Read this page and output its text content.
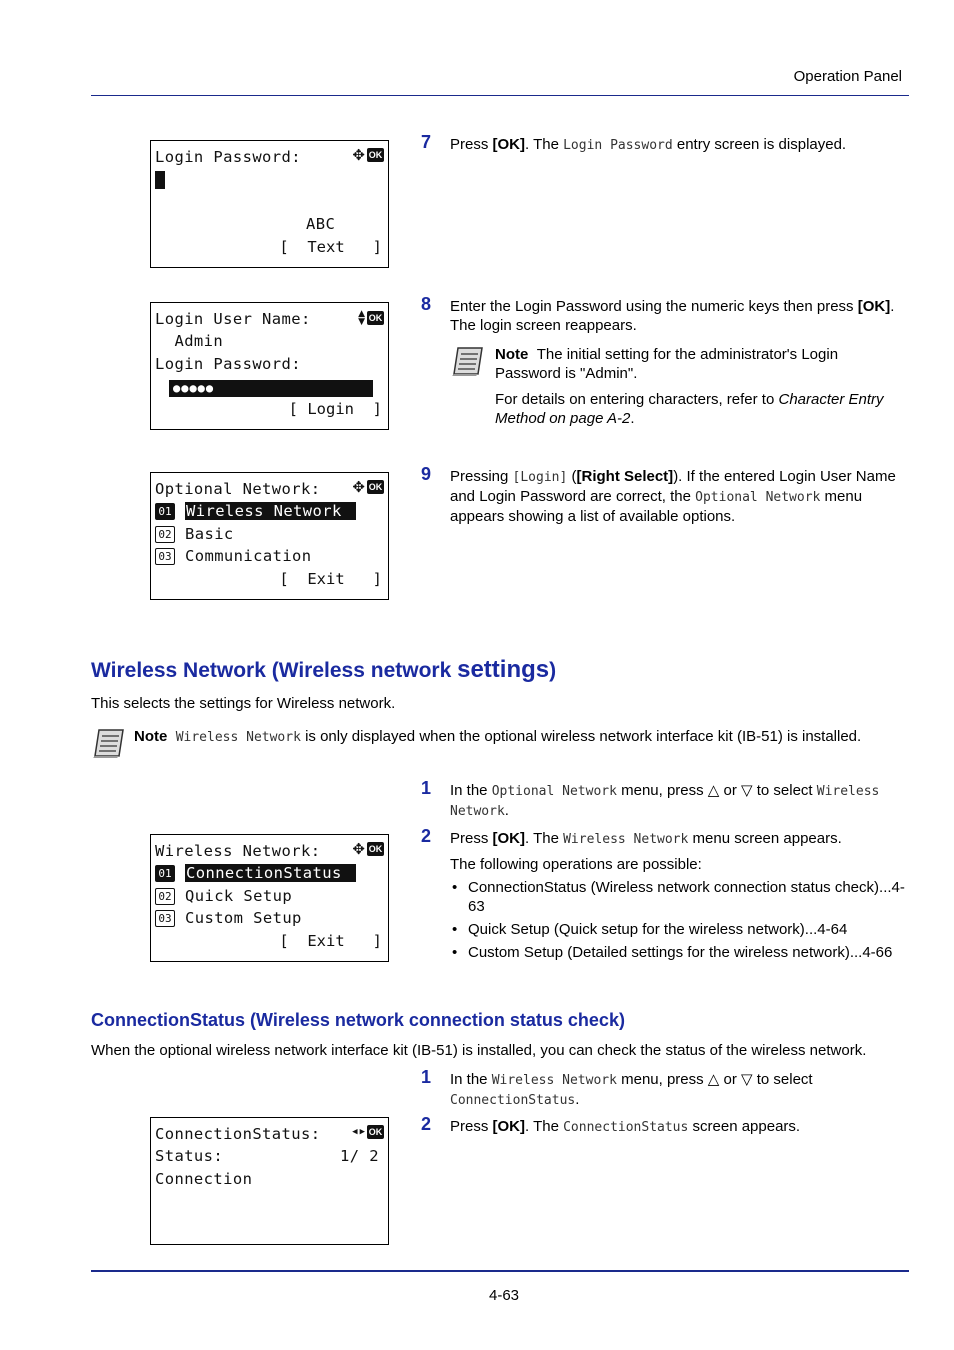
Operation Panel
Login Password:	✥ OK
ABC
[  Text   ]
Login User Name:	▲
▼ OK
Admin
Login Password:
●●●●●
[ Login  ]
Optional Network: ✥ OK
01 Wireless Network
02 Basic
03 Communication
[  Exit   ]
7 Press [OK]. The Login Password entry screen is displayed.
8 Enter the Login Password using the numeric keys then press [OK]. The login screen reappears.
Note The initial setting for the administrator's Login Password is "Admin".
For details on entering characters, refer to Character Entry Method on page A-2.
9 Pressing [Login] ([Right Select]). If the entered Login User Name and Login Password are correct, the Optional Network menu appears showing a list of available options.
Wireless Network (Wireless network settings)
This selects the settings for Wireless network.
Note Wireless Network is only displayed when the optional wireless network interface kit (IB-51) is installed.
1 In the Optional Network menu, press △ or ▽ to select Wireless Network.
2 Press [OK]. The Wireless Network menu screen appears.
The following operations are possible:
• ConnectionStatus (Wireless network connection status check)...4-63
• Quick Setup (Quick setup for the wireless network)...4-64
• Custom Setup (Detailed settings for the wireless network)...4-66
Wireless Network: ✥ OK
01 ConnectionStatus
02 Quick Setup
03 Custom Setup
[  Exit   ]
ConnectionStatus (Wireless network connection status check)
When the optional wireless network interface kit (IB-51) is installed, you can check the status of the wireless network.
1 In the Wireless Network menu, press △ or ▽ to select ConnectionStatus.
2 Press [OK]. The ConnectionStatus screen appears.
ConnectionStatus:	◀ ▶ OK
Status:	1/ 2
Connection
4-63
